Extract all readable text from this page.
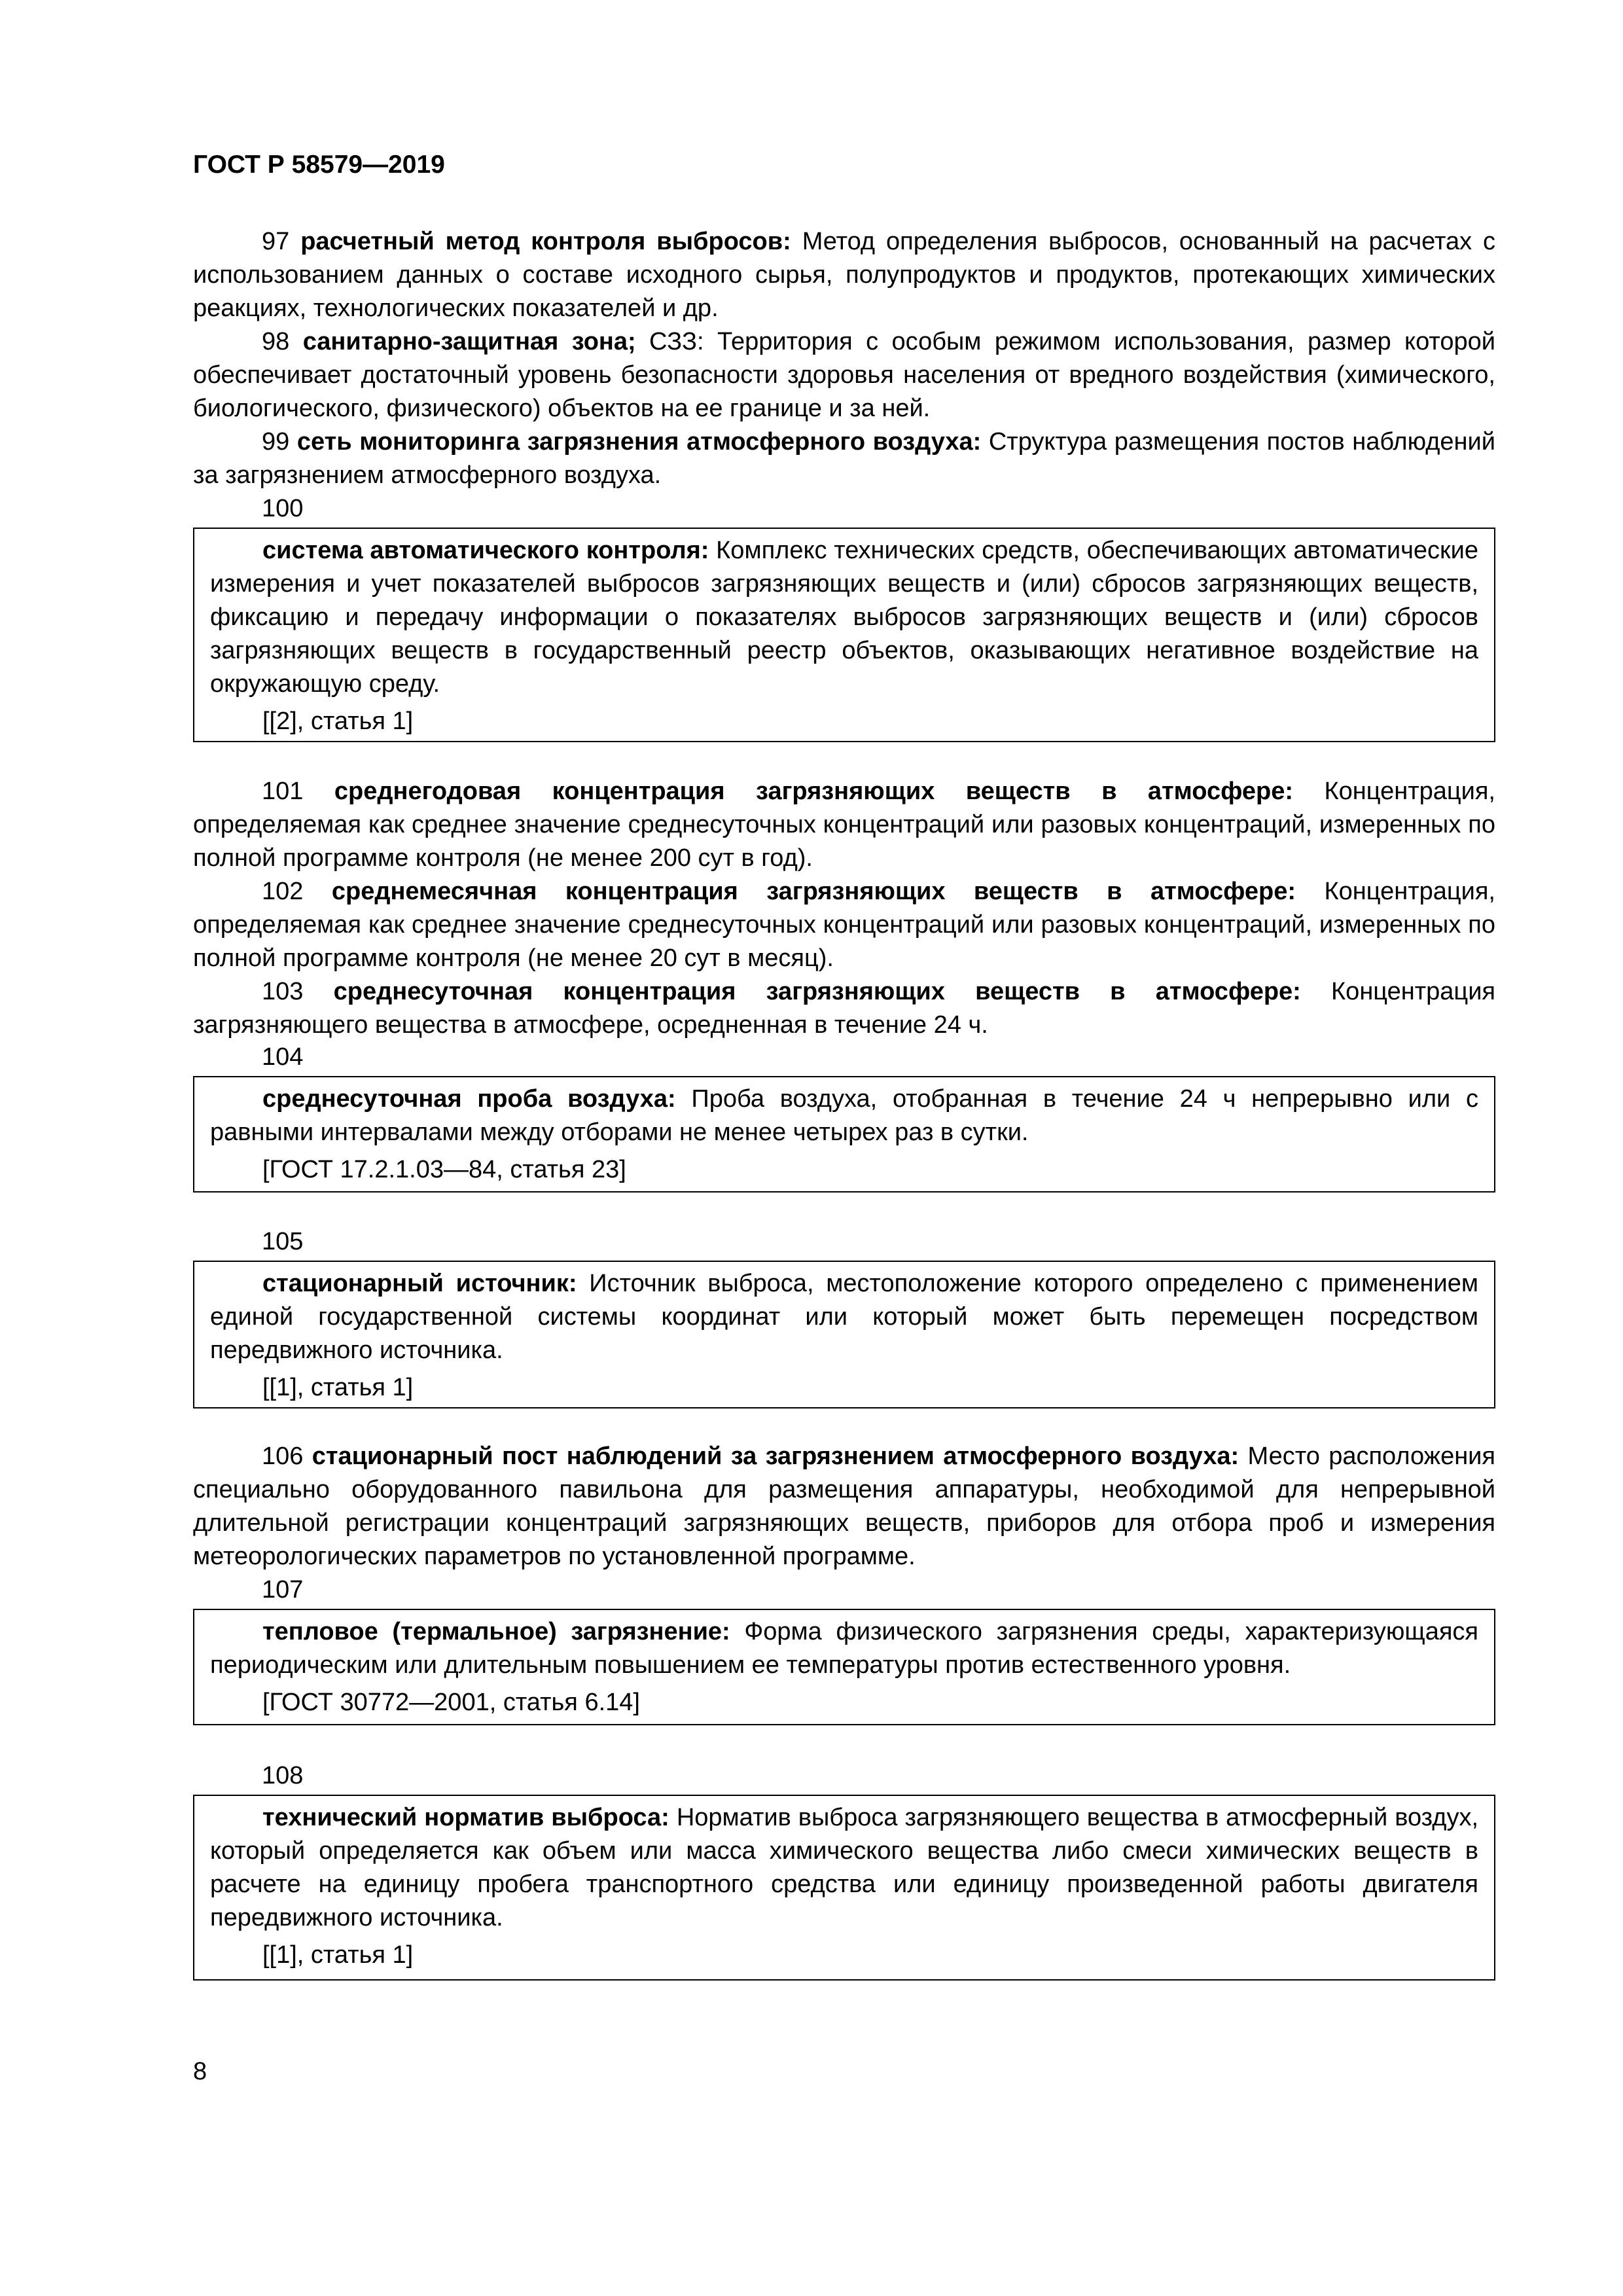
ГОСТ Р 58579—2019
97 расчетный метод контроля выбросов: Метод определения выбросов, основанный на расчетах с использованием данных о составе исходного сырья, полупродуктов и продуктов, протекающих химических реакциях, технологических показателей и др.
98 санитарно-защитная зона; СЗЗ: Территория с особым режимом использования, размер которой обеспечивает достаточный уровень безопасности здоровья населения от вредного воздействия (химического, биологического, физического) объектов на ее границе и за ней.
99 сеть мониторинга загрязнения атмосферного воздуха: Структура размещения постов наблюдений за загрязнением атмосферного воздуха.
100

система автоматического контроля: Комплекс технических средств, обеспечивающих автоматические измерения и учет показателей выбросов загрязняющих веществ и (или) сбросов загрязняющих веществ, фиксацию и передачу информации о показателях выбросов загрязняющих веществ и (или) сбросов загрязняющих веществ в государственный реестр объектов, оказывающих негативное воздействие на окружающую среду.

[[2], статья 1]

101 среднегодовая концентрация загрязняющих веществ в атмосфере: Концентрация, определяемая как среднее значение среднесуточных концентраций или разовых концентраций, измеренных по полной программе контроля (не менее 200 сут в год).
102 среднемесячная концентрация загрязняющих веществ в атмосфере: Концентрация, определяемая как среднее значение среднесуточных концентраций или разовых концентраций, измеренных по полной программе контроля (не менее 20 сут в месяц).
103 среднесуточная концентрация загрязняющих веществ в атмосфере: Концентрация загрязняющего вещества в атмосфере, осредненная в течение 24 ч.
104

среднесуточная проба воздуха: Проба воздуха, отобранная в течение 24 ч непрерывно или с равными интервалами между отборами не менее четырех раз в сутки.

[ГОСТ 17.2.1.03—84, статья 23]

105

стационарный источник: Источник выброса, местоположение которого определено с применением единой государственной системы координат или который может быть перемещен посредством передвижного источника.

[[1], статья 1]

106 стационарный пост наблюдений за загрязнением атмосферного воздуха: Место расположения специально оборудованного павильона для размещения аппаратуры, необходимой для непрерывной длительной регистрации концентраций загрязняющих веществ, приборов для отбора проб и измерения метеорологических параметров по установленной программе.
107

тепловое (термальное) загрязнение: Форма физического загрязнения среды, характеризующаяся периодическим или длительным повышением ее температуры против естественного уровня.

[ГОСТ 30772—2001, статья 6.14]

108

технический норматив выброса: Норматив выброса загрязняющего вещества в атмосферный воздух, который определяется как объем или масса химического вещества либо смеси химических веществ в расчете на единицу пробега транспортного средства или единицу произведенной работы двигателя передвижного источника.

[[1], статья 1]

8
